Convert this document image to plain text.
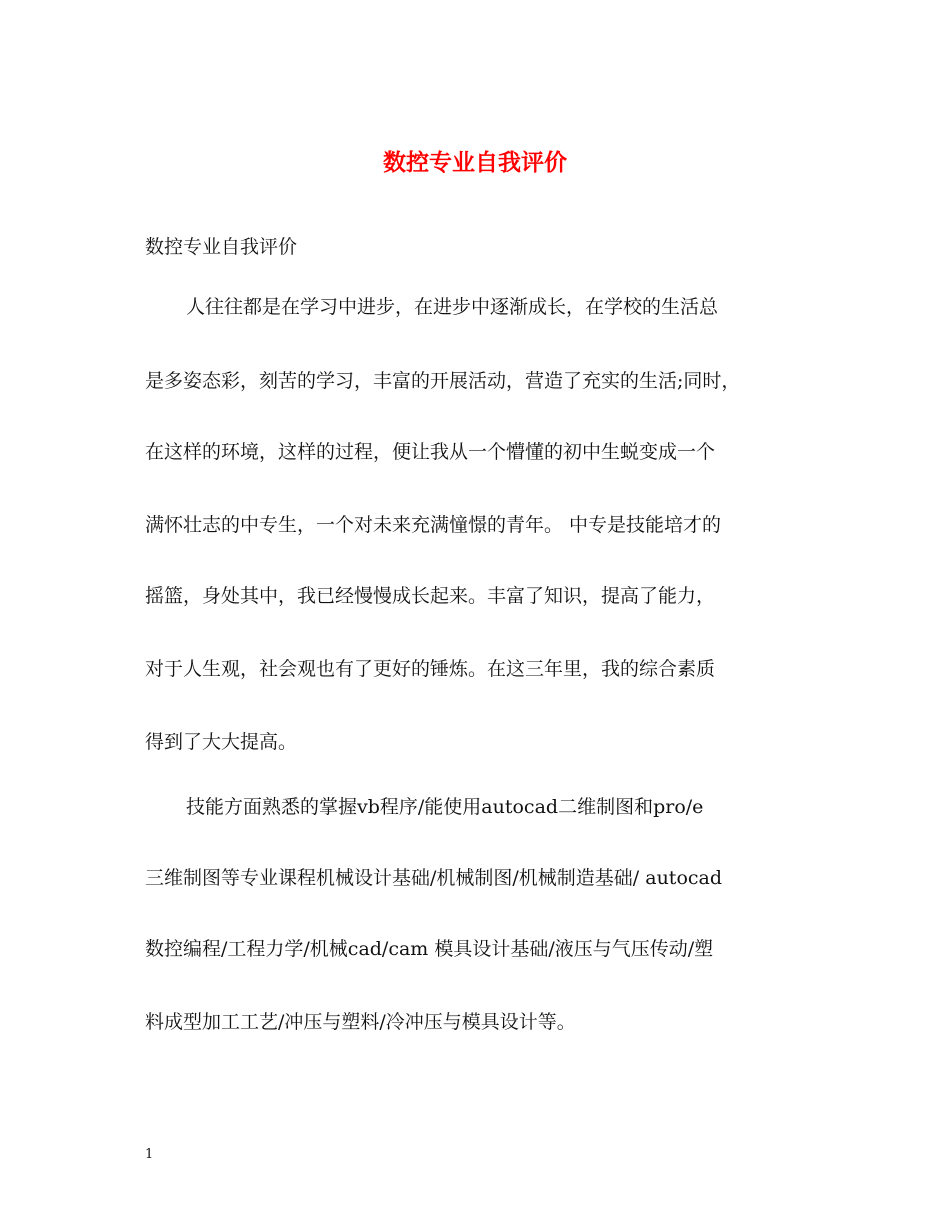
数控专业自我评价
数控专业自我评价
人往往都是在学习中进步，在进步中逐渐成长，在学校的生活总
是多姿态彩，刻苦的学习，丰富的开展活动，营造了充实的生活;同时，
在这样的环境，这样的过程，便让我从一个懵懂的初中生蜕变成一个
满怀壮志的中专生，一个对未来充满憧憬的青年。 中专是技能培才的
摇篮，身处其中，我已经慢慢成长起来。丰富了知识，提高了能力，
对于人生观，社会观也有了更好的锤炼。在这三年里，我的综合素质
得到了大大提高。
技能方面熟悉的掌握vb程序/能使用autocad二维制图和pro/e
三维制图等专业课程机械设计基础/机械制图/机械制造基础/ autocad
数控编程/工程力学/机械cad/cam 模具设计基础/液压与气压传动/塑
料成型加工工艺/冲压与塑料/冷冲压与模具设计等。
1
